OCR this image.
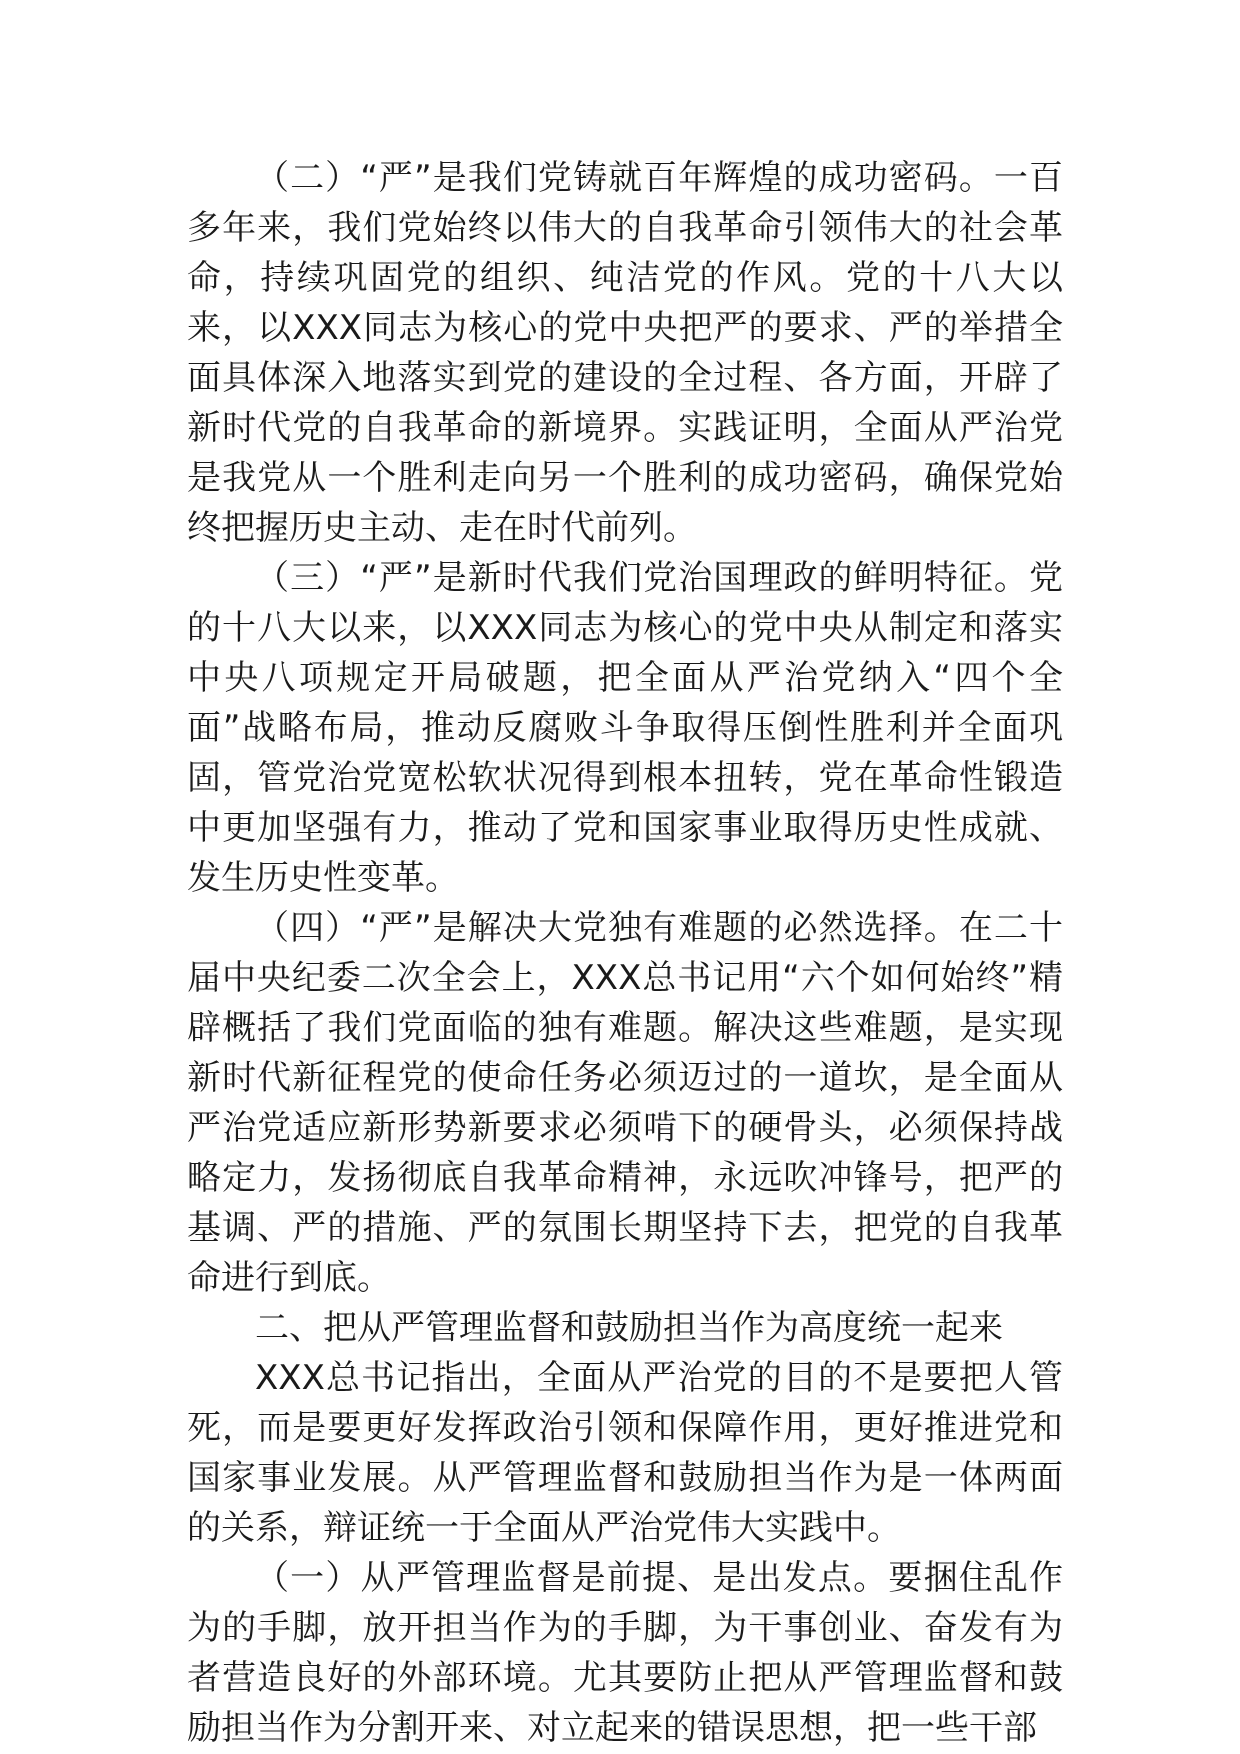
（二）“严”是我们党铸就百年辉煌的成功密码。一百多年来，我们党始终以伟大的自我革命引领伟大的社会革命，持续巩固党的组织、纯洁党的作风。党的十八大以来，以XXX同志为核心的党中央把严的要求、严的举措全面具体深入地落实到党的建设的全过程、各方面，开辟了新时代党的自我革命的新境界。实践证明，全面从严治党是我党从一个胜利走向另一个胜利的成功密码，确保党始终把握历史主动、走在时代前列。

（三）“严”是新时代我们党治国理政的鲜明特征。党的十八大以来，以XXX同志为核心的党中央从制定和落实中央八项规定开局破题，把全面从严治党纳入“四个全面”战略布局，推动反腐败斗争取得压倒性胜利并全面巩固，管党治党宽松软状况得到根本扭转，党在革命性锻造中更加坚强有力，推动了党和国家事业取得历史性成就、发生历史性变革。

（四）“严”是解决大党独有难题的必然选择。在二十届中央纪委二次全会上，XXX总书记用“六个如何始终”精辟概括了我们党面临的独有难题。解决这些难题，是实现新时代新征程党的使命任务必须迈过的一道坎，是全面从严治党适应新形势新要求必须啃下的硬骨头，必须保持战略定力，发扬彻底自我革命精神，永远吹冲锋号，把严的基调、严的措施、严的氛围长期坚持下去，把党的自我革命进行到底。

二、把从严管理监督和鼓励担当作为高度统一起来

XXX总书记指出，全面从严治党的目的不是要把人管死，而是要更好发挥政治引领和保障作用，更好推进党和国家事业发展。从严管理监督和鼓励担当作为是一体两面的关系，辩证统一于全面从严治党伟大实践中。

（一）从严管理监督是前提、是出发点。要捆住乱作为的手脚，放开担当作为的手脚，为干事创业、奋发有为者营造良好的外部环境。尤其要防止把从严管理监督和鼓励担当作为分割开来、对立起来的错误思想，把一些干部
